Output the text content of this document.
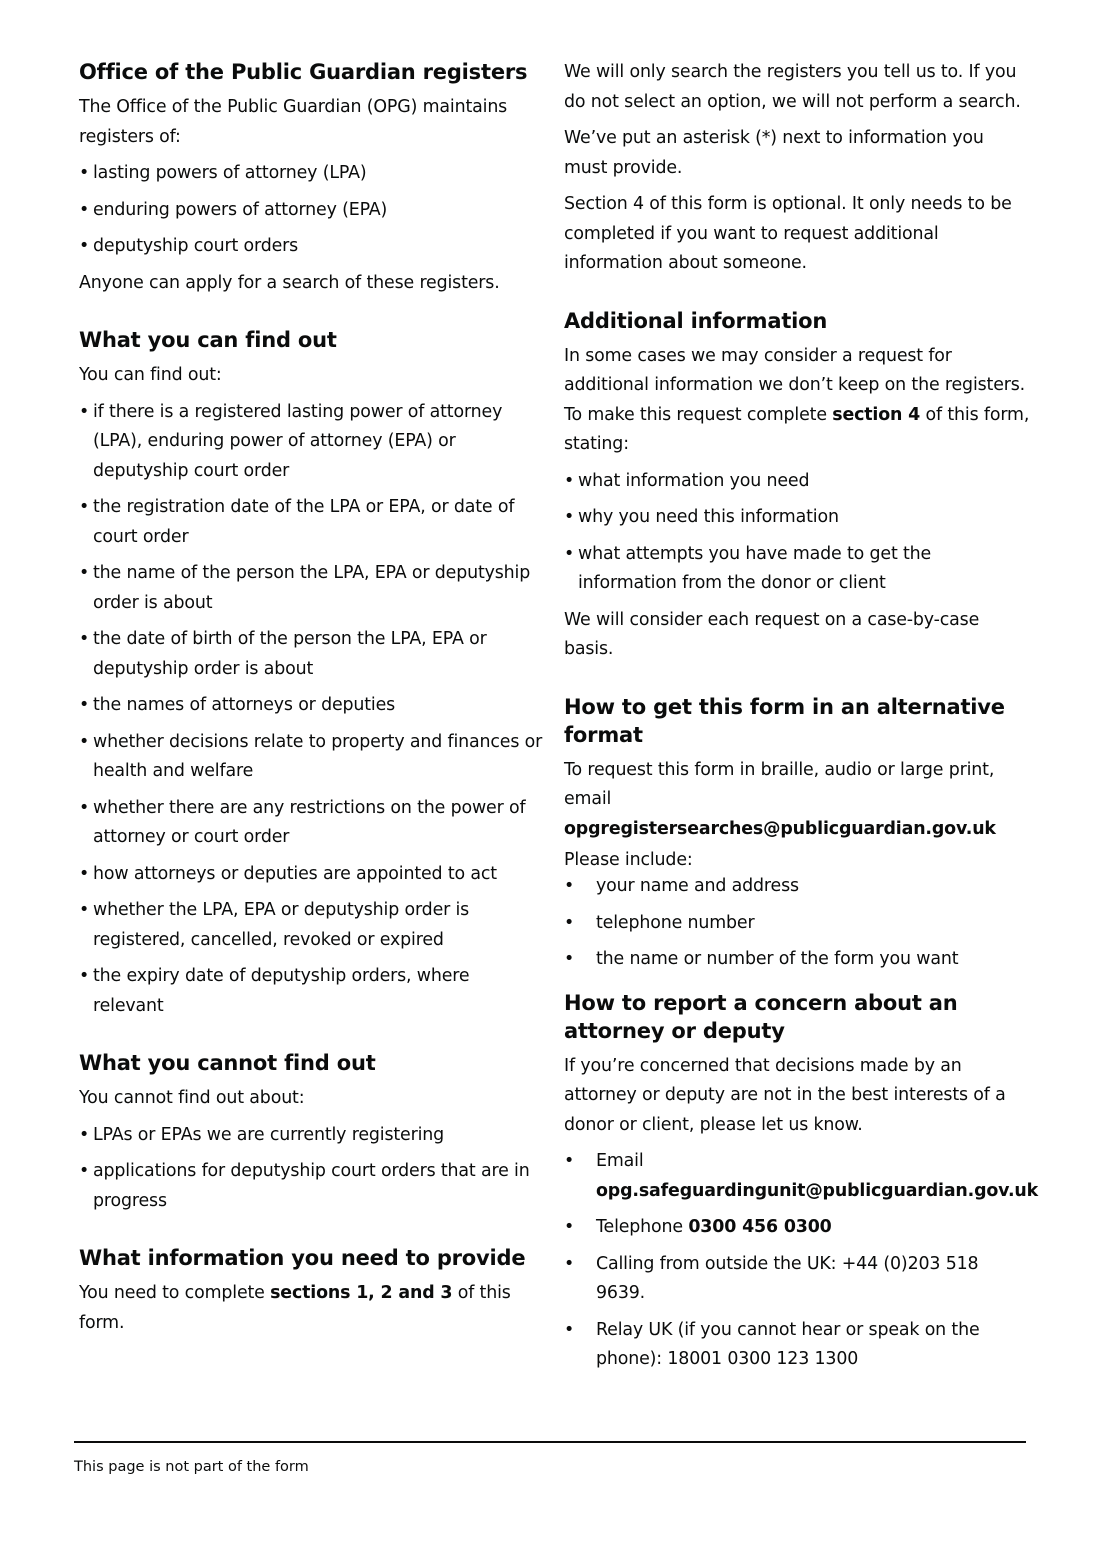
Office of the Public Guardian registers

The Office of the Public Guardian (OPG) maintains registers of:

• lasting powers of attorney (LPA)
• enduring powers of attorney (EPA)
• deputyship court orders

Anyone can apply for a search of these registers.

What you can find out

You can find out:

• if there is a registered lasting power of attorney (LPA), enduring power of attorney (EPA) or deputyship court order
• the registration date of the LPA or EPA, or date of court order
• the name of the person the LPA, EPA or deputyship order is about
• the date of birth of the person the LPA, EPA or deputyship order is about
• the names of attorneys or deputies
• whether decisions relate to property and finances or health and welfare
• whether there are any restrictions on the power of attorney or court order
• how attorneys or deputies are appointed to act
• whether the LPA, EPA or deputyship order is registered, cancelled, revoked or expired
• the expiry date of deputyship orders, where relevant
What you cannot find out

You cannot find out about:

• LPAs or EPAs we are currently registering
• applications for deputyship court orders that are in progress
What information you need to provide

You need to complete sections 1, 2 and 3 of this form.

We will only search the registers you tell us to. If you do not select an option, we will not perform a search.

We’ve put an asterisk (*) next to information you must provide.

Section 4 of this form is optional. It only needs to be completed if you want to request additional information about someone.

Additional information

In some cases we may consider a request for additional information we don’t keep on the registers. To make this request complete section 4 of this form, stating:

• what information you need
• why you need this information
• what attempts you have made to get the information from the donor or client

We will consider each request on a case-by-case basis.

How to get this form in an alternative format

To request this form in braille, audio or large print, email
opgregistersearches@publicguardian.gov.uk

Please include:

• your name and address
• telephone number
• the name or number of the form you want
How to report a concern about an attorney or deputy

If you’re concerned that decisions made by an attorney or deputy are not in the best interests of a donor or client, please let us know.

• Email
opg.safeguardingunit@publicguardian.gov.uk
• Telephone 0300 456 0300
• Calling from outside the UK: +44 (0)203 518 9639.
• Relay UK (if you cannot hear or speak on the phone): 18001 0300 123 1300
This page is not part of the form
